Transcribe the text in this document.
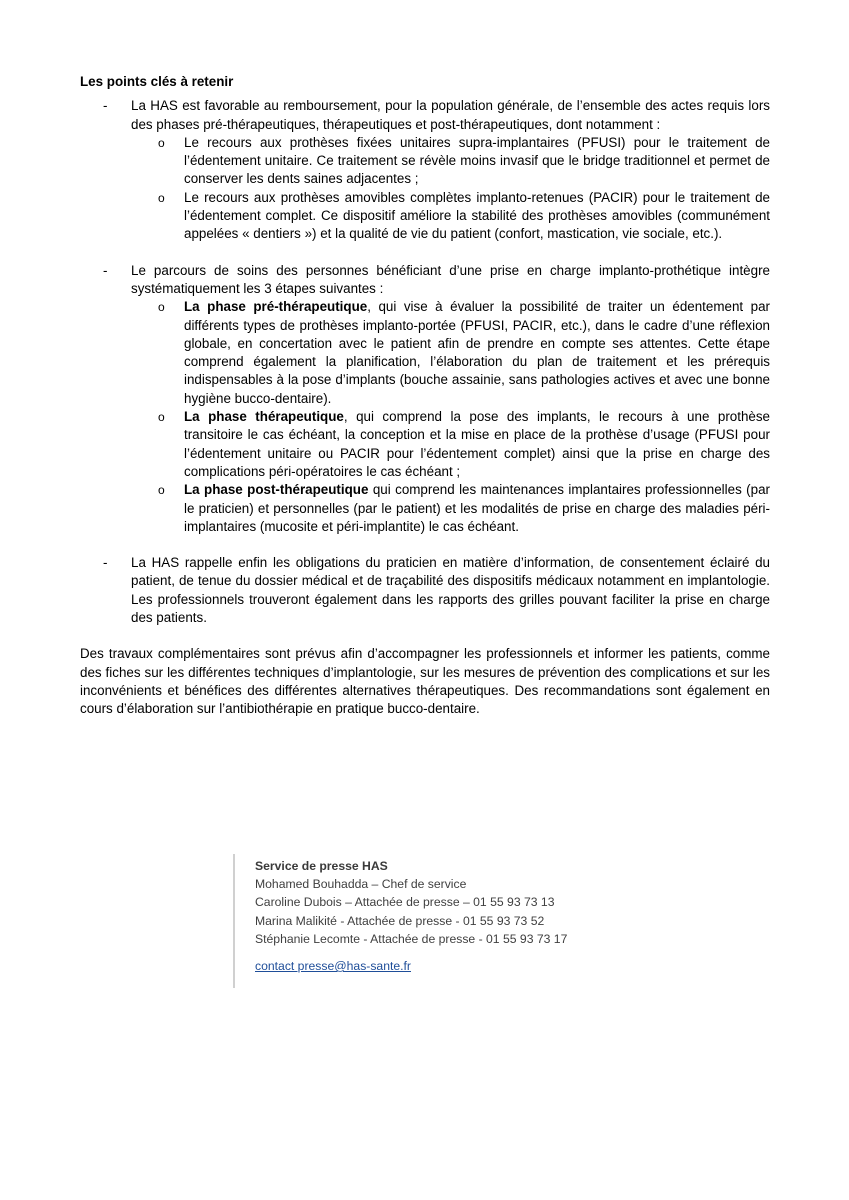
Les points clés à retenir
- La HAS est favorable au remboursement, pour la population générale, de l’ensemble des actes requis lors des phases pré-thérapeutiques, thérapeutiques et post-thérapeutiques, dont notamment :
o Le recours aux prothèses fixées unitaires supra-implantaires (PFUSI) pour le traitement de l’édentement unitaire. Ce traitement se révèle moins invasif que le bridge traditionnel et permet de conserver les dents saines adjacentes ;
o Le recours aux prothèses amovibles complètes implanto-retenues (PACIR) pour le traitement de l’édentement complet. Ce dispositif améliore la stabilité des prothèses amovibles (communément appelées « dentiers ») et la qualité de vie du patient (confort, mastication, vie sociale, etc.).
- Le parcours de soins des personnes bénéficiant d’une prise en charge implanto-prothétique intègre systématiquement les 3 étapes suivantes :
o La phase pré-thérapeutique, qui vise à évaluer la possibilité de traiter un édentement par différents types de prothèses implanto-portée (PFUSI, PACIR, etc.), dans le cadre d’une réflexion globale, en concertation avec le patient afin de prendre en compte ses attentes. Cette étape comprend également la planification, l’élaboration du plan de traitement et les prérequis indispensables à la pose d’implants (bouche assainie, sans pathologies actives et avec une bonne hygiène bucco-dentaire).
o La phase thérapeutique, qui comprend la pose des implants, le recours à une prothèse transitoire le cas échéant, la conception et la mise en place de la prothèse d’usage (PFUSI pour l’édentement unitaire ou PACIR pour l’édentement complet) ainsi que la prise en charge des complications péri-opératoires le cas échéant ;
o La phase post-thérapeutique qui comprend les maintenances implantaires professionnelles (par le praticien) et personnelles (par le patient) et les modalités de prise en charge des maladies péri-implantaires (mucosite et péri-implantite) le cas échéant.
- La HAS rappelle enfin les obligations du praticien en matière d’information, de consentement éclairé du patient, de tenue du dossier médical et de traçabilité des dispositifs médicaux notamment en implantologie. Les professionnels trouveront également dans les rapports des grilles pouvant faciliter la prise en charge des patients.

Des travaux complémentaires sont prévus afin d’accompagner les professionnels et informer les patients, comme des fiches sur les différentes techniques d’implantologie, sur les mesures de prévention des complications et sur les inconvénients et bénéfices des différentes alternatives thérapeutiques. Des recommandations sont également en cours d’élaboration sur l’antibiothérapie en pratique bucco-dentaire.

Service de presse HAS
Mohamed Bouhadda – Chef de service
Caroline Dubois – Attachée de presse – 01 55 93 73 13
Marina Malikité - Attachée de presse - 01 55 93 73 52
Stéphanie Lecomte - Attachée de presse - 01 55 93 73 17
contact presse@has-sante.fr
